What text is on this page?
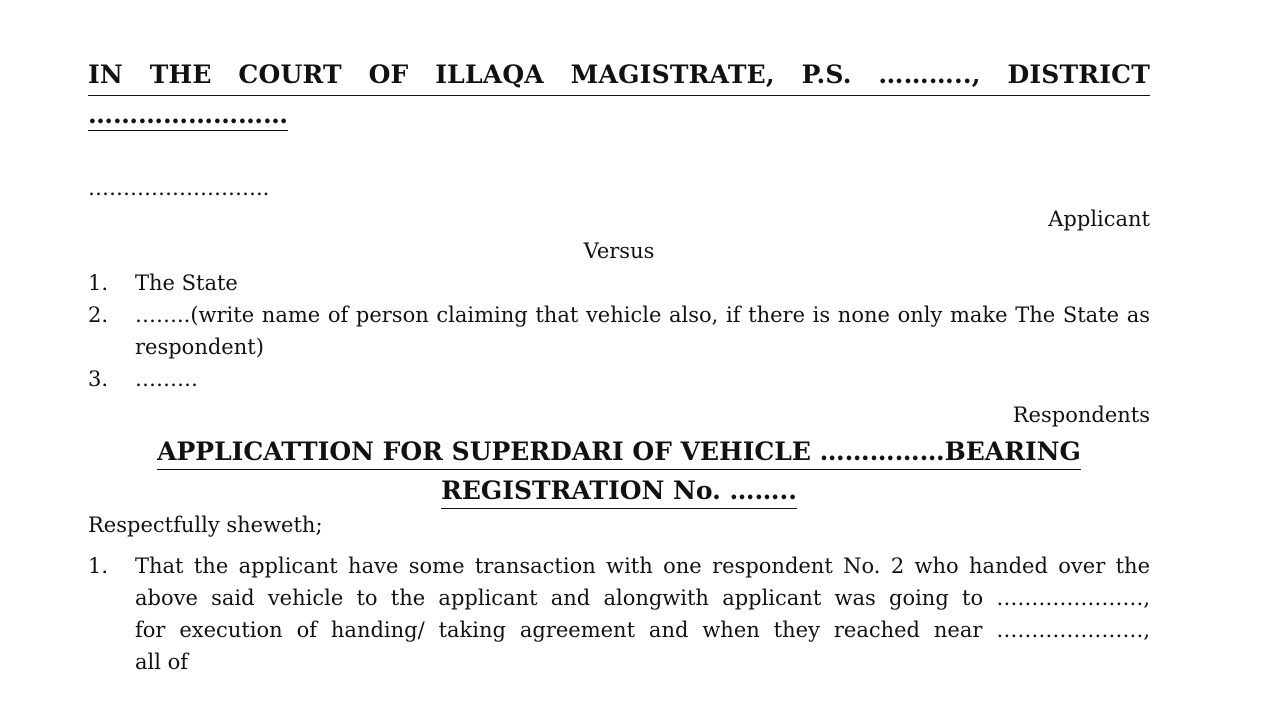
IN THE COURT OF ILLAQA MAGISTRATE, P.S. ……….., DISTRICT
……………………
……………………..
Applicant
Versus
1. The State
2. ……..(write name of person claiming that vehicle also, if there is none only make The State as
respondent)
3. ………
Respondents
APPLICATTION FOR SUPERDARI OF VEHICLE ……………BEARING
REGISTRATION No. ……..
Respectfully sheweth;
1. That the applicant have some transaction with one respondent No. 2 who handed over the
above said vehicle to the applicant and alongwith applicant was going to …………………,
for execution of handing/ taking agreement and when they reached near …………………,
all of
